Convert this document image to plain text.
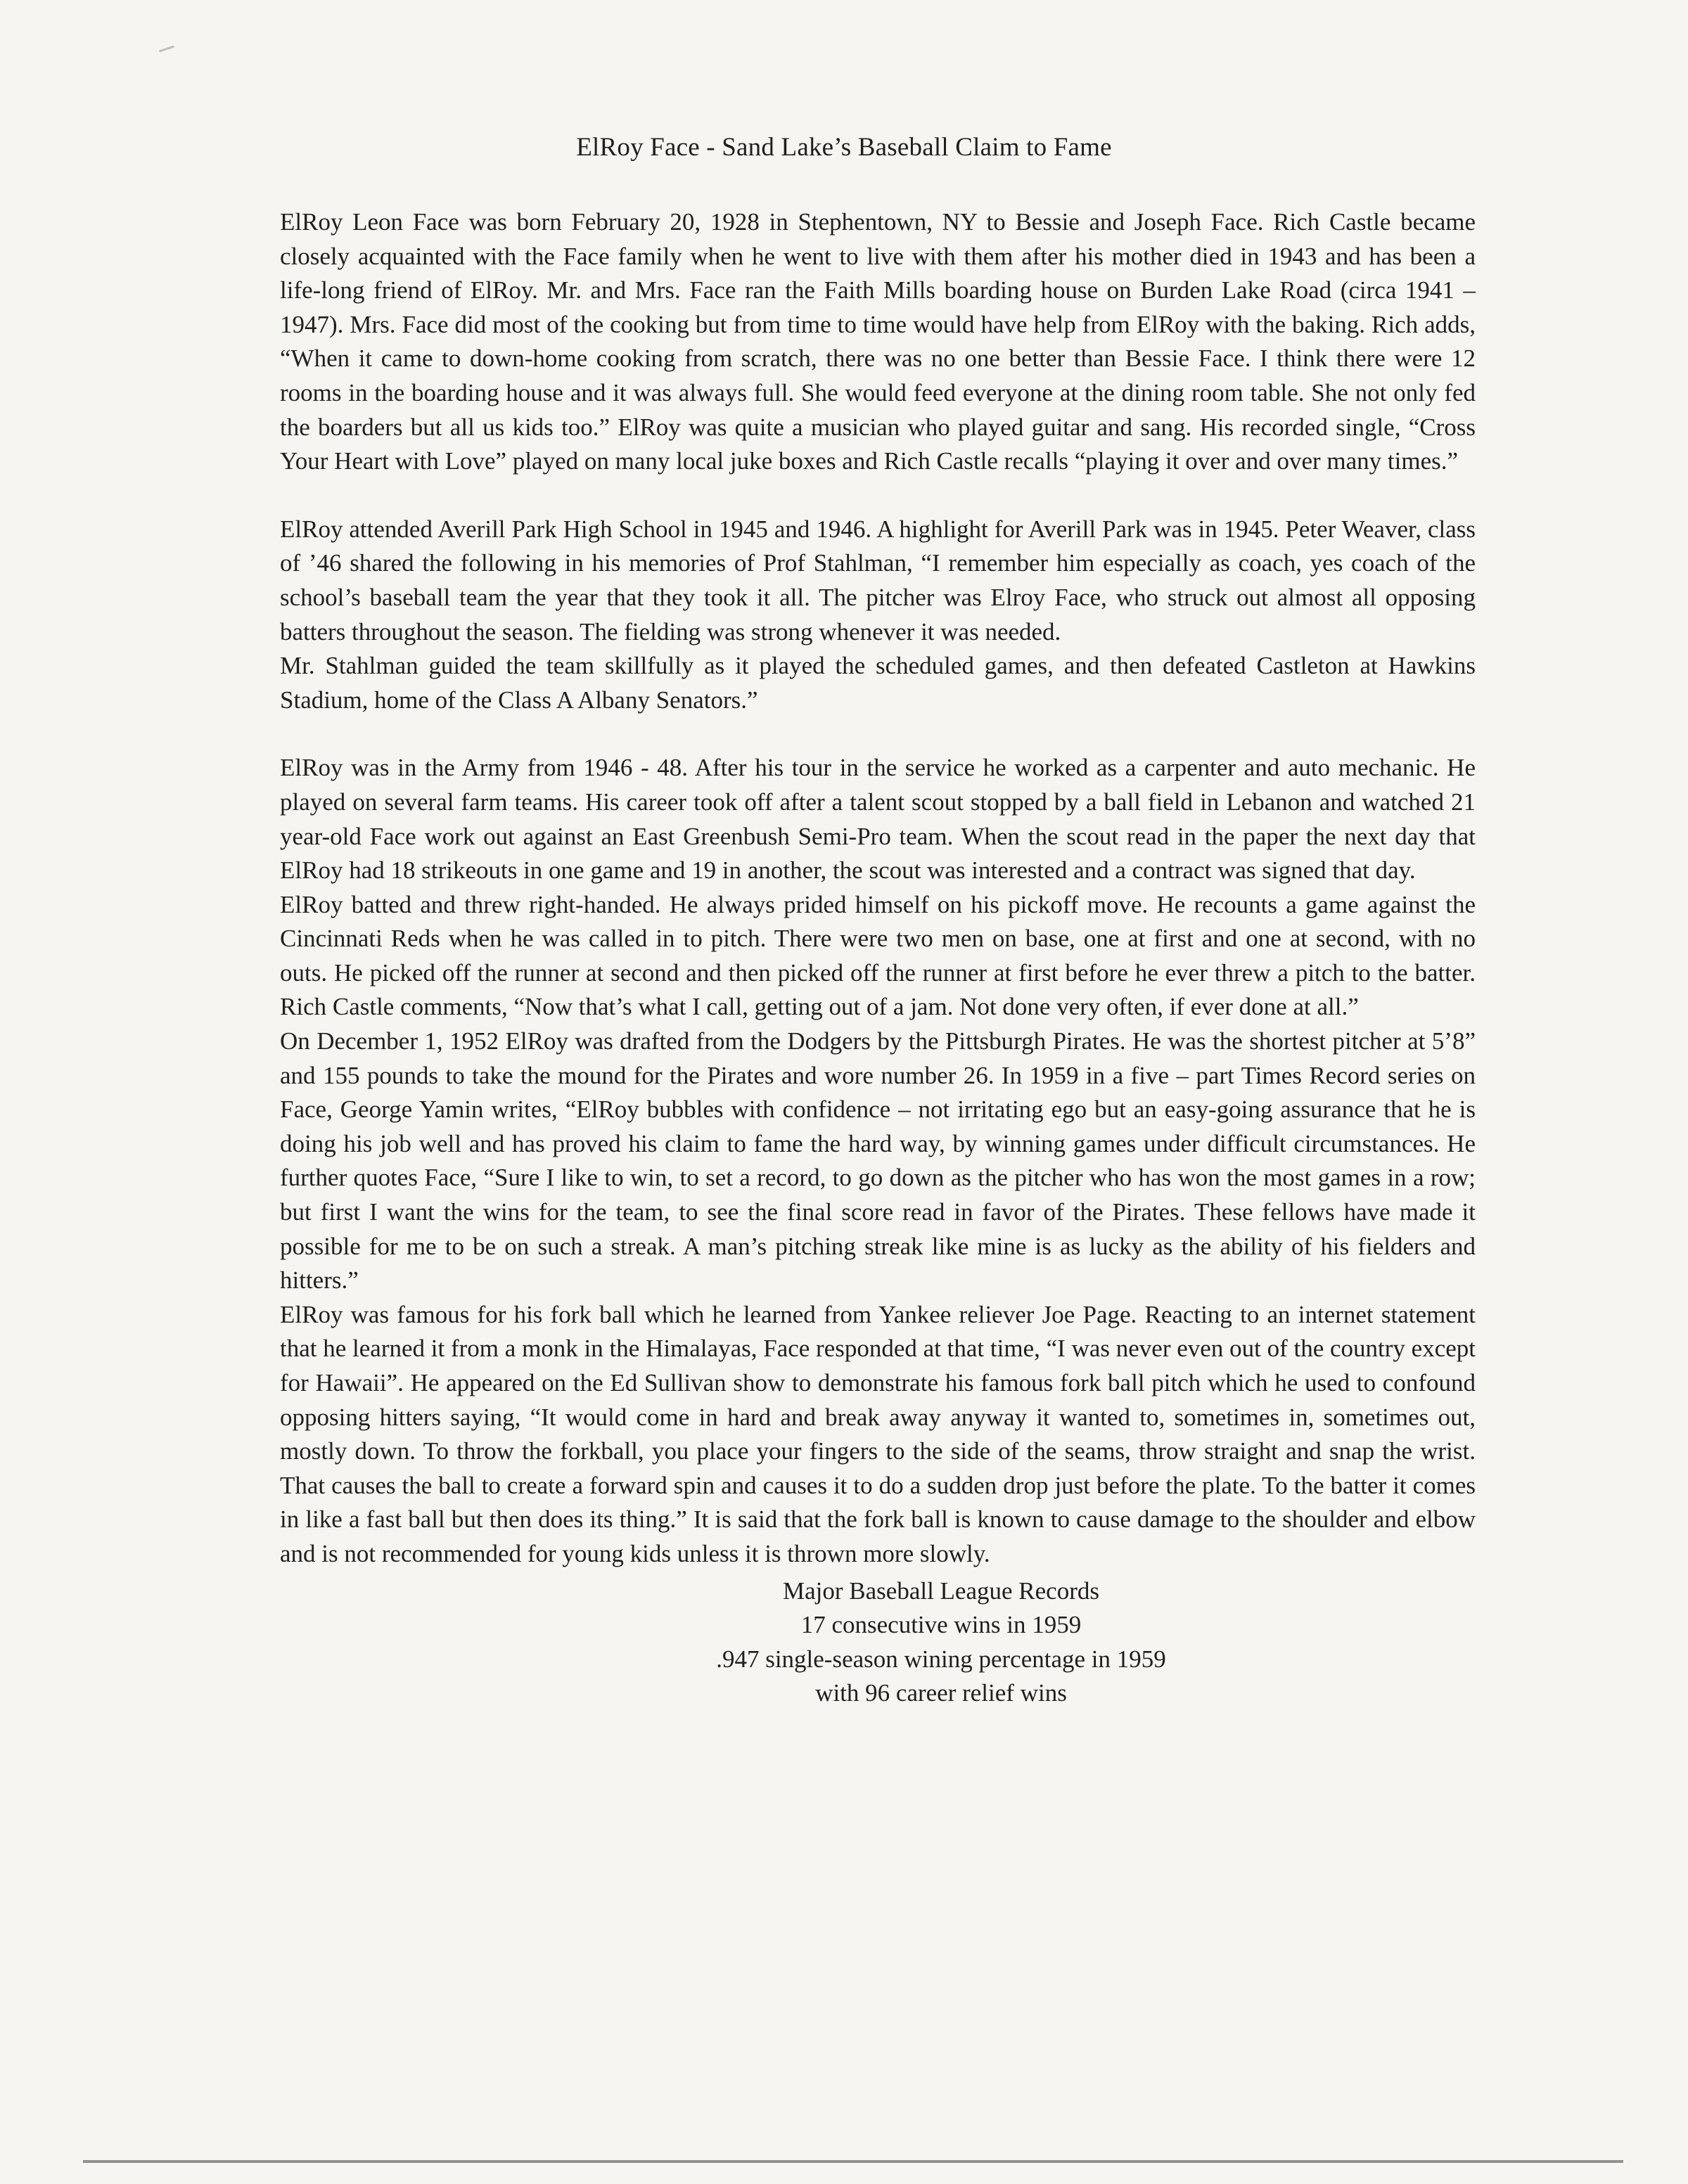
ElRoy Face - Sand Lake’s Baseball Claim to Fame

ElRoy Leon Face was born February 20, 1928 in Stephentown, NY to Bessie and Joseph Face. Rich Castle became closely acquainted with the Face family when he went to live with them after his mother died in 1943 and has been a life-long friend of ElRoy. Mr. and Mrs. Face ran the Faith Mills boarding house on Burden Lake Road (circa 1941 – 1947). Mrs. Face did most of the cooking but from time to time would have help from ElRoy with the baking. Rich adds, “When it came to down-home cooking from scratch, there was no one better than Bessie Face. I think there were 12 rooms in the boarding house and it was always full. She would feed everyone at the dining room table. She not only fed the boarders but all us kids too.” ElRoy was quite a musician who played guitar and sang. His recorded single, “Cross Your Heart with Love” played on many local juke boxes and Rich Castle recalls “playing it over and over many times.”

ElRoy attended Averill Park High School in 1945 and 1946. A highlight for Averill Park was in 1945. Peter Weaver, class of ’46 shared the following in his memories of Prof Stahlman, “I remember him especially as coach, yes coach of the school’s baseball team the year that they took it all. The pitcher was Elroy Face, who struck out almost all opposing batters throughout the season. The fielding was strong whenever it was needed.

Mr. Stahlman guided the team skillfully as it played the scheduled games, and then defeated Castleton at Hawkins Stadium, home of the Class A Albany Senators.”

ElRoy was in the Army from 1946 - 48. After his tour in the service he worked as a carpenter and auto mechanic. He played on several farm teams. His career took off after a talent scout stopped by a ball field in Lebanon and watched 21 year-old Face work out against an East Greenbush Semi-Pro team. When the scout read in the paper the next day that ElRoy had 18 strikeouts in one game and 19 in another, the scout was interested and a contract was signed that day.

ElRoy batted and threw right-handed. He always prided himself on his pickoff move. He recounts a game against the Cincinnati Reds when he was called in to pitch. There were two men on base, one at first and one at second, with no outs. He picked off the runner at second and then picked off the runner at first before he ever threw a pitch to the batter. Rich Castle comments, “Now that’s what I call, getting out of a jam. Not done very often, if ever done at all.”

On December 1, 1952 ElRoy was drafted from the Dodgers by the Pittsburgh Pirates. He was the shortest pitcher at 5’8” and 155 pounds to take the mound for the Pirates and wore number 26. In 1959 in a five – part Times Record series on Face, George Yamin writes, “ElRoy bubbles with confidence – not irritating ego but an easy-going assurance that he is doing his job well and has proved his claim to fame the hard way, by winning games under difficult circumstances. He further quotes Face, “Sure I like to win, to set a record, to go down as the pitcher who has won the most games in a row; but first I want the wins for the team, to see the final score read in favor of the Pirates. These fellows have made it possible for me to be on such a streak. A man’s pitching streak like mine is as lucky as the ability of his fielders and hitters.”

ElRoy was famous for his fork ball which he learned from Yankee reliever Joe Page. Reacting to an internet statement that he learned it from a monk in the Himalayas, Face responded at that time, “I was never even out of the country except for Hawaii”. He appeared on the Ed Sullivan show to demonstrate his famous fork ball pitch which he used to confound opposing hitters saying, “It would come in hard and break away anyway it wanted to, sometimes in, sometimes out, mostly down. To throw the forkball, you place your fingers to the side of the seams, throw straight and snap the wrist. That causes the ball to create a forward spin and causes it to do a sudden drop just before the plate. To the batter it comes in like a fast ball but then does its thing.” It is said that the fork ball is known to cause damage to the shoulder and elbow and is not recommended for young kids unless it is thrown more slowly.

Major Baseball League Records

17 consecutive wins in 1959

.947 single-season wining percentage in 1959

with 96 career relief wins
